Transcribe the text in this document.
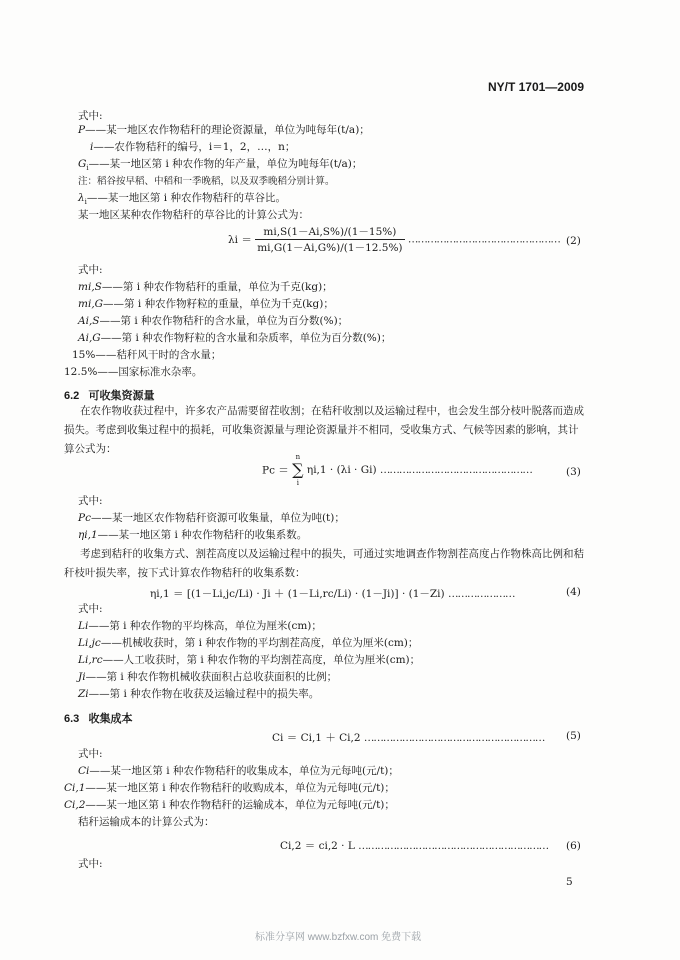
NY/T 1701—2009
式中:
P——某一地区农作物秸秆的理论资源量，单位为吨每年(t/a)；
i——农作物秸秆的编号，i＝1，2，…，n；
$G_i——$某一地区第 i 种农作物的年产量，单位为吨每年(t/a)；
注：稻谷按早稻、中稻和一季晚稻，以及双季晚稻分别计算。
$\lambda_i——$某一地区第 i 种农作物秸秆的草谷比。
某一地区某种农作物秸秆的草谷比的计算公式为：
$\lambda i = \frac{mi,S(1-Ai,S\%)/(1-15\%)}{mi,G(1-Ai,G\%)/(1-12.5\%)}$ ………………………………………… (2)
式中:
mi,S——第 i 种农作物秸秆的重量，单位为千克(kg)；
mi,G——第 i 种农作物籽粒的重量，单位为千克(kg)；
Ai,S——第 i 种农作物秸秆的含水量，单位为百分数(%)；
Ai,G——第 i 种农作物籽粒的含水量和杂质率，单位为百分数(%)；
15%——秸秆风干时的含水量；
12.5%——国家标准水杂率。
6.2 可收集资源量
在农作物收获过程中，许多农产品需要留茬收割；在秸秆收割以及运输过程中，也会发生部分枝叶脱落而造成损失。考虑到收集过程中的损耗，可收集资源量与理论资源量并不相同，受收集方式、气候等因素的影响，其计算公式为：
Pc ＝
n
∑
i
ηi,1 · (λi · Gi) …………………………………………	(3)
式中:
Pc——某一地区农作物秸秆资源可收集量，单位为吨(t)；
ηi,1——某一地区第 i 种农作物秸秆的收集系数。
考虑到秸秆的收集方式、割茬高度以及运输过程中的损失，可通过实地调查作物割茬高度占作物株高比例和秸秆枝叶损失率，按下式计算农作物秸秆的收集系数：
ηi,1 ＝ [(1－Li,jc/Li) · Ji ＋ (1－Li,rc/Li) · (1－Ji)] · (1－Zi) …………………	(4)
式中:
Li——第 i 种农作物的平均株高，单位为厘米(cm)；
Li,jc——机械收获时，第 i 种农作物的平均割茬高度，单位为厘米(cm)；
Li,rc——人工收获时，第 i 种农作物的平均割茬高度，单位为厘米(cm)；
Ji——第 i 种农作物机械收获面积占总收获面积的比例；
Zi——第 i 种农作物在收获及运输过程中的损失率。
6.3 收集成本
Ci ＝ Ci,1 ＋ Ci,2 ………………………………………………… (5)
式中:
Ci——某一地区第 i 种农作物秸秆的收集成本，单位为元每吨(元/t)；
Ci,1——某一地区第 i 种农作物秸秆的收购成本，单位为元每吨(元/t)；
Ci,2——某一地区第 i 种农作物秸秆的运输成本，单位为元每吨(元/t)；
秸秆运输成本的计算公式为：
Ci,2 ＝ ci,2 · L …………………………………………………… (6)
式中:
5
标准分享网 www.bzfxw.com 免费下载
